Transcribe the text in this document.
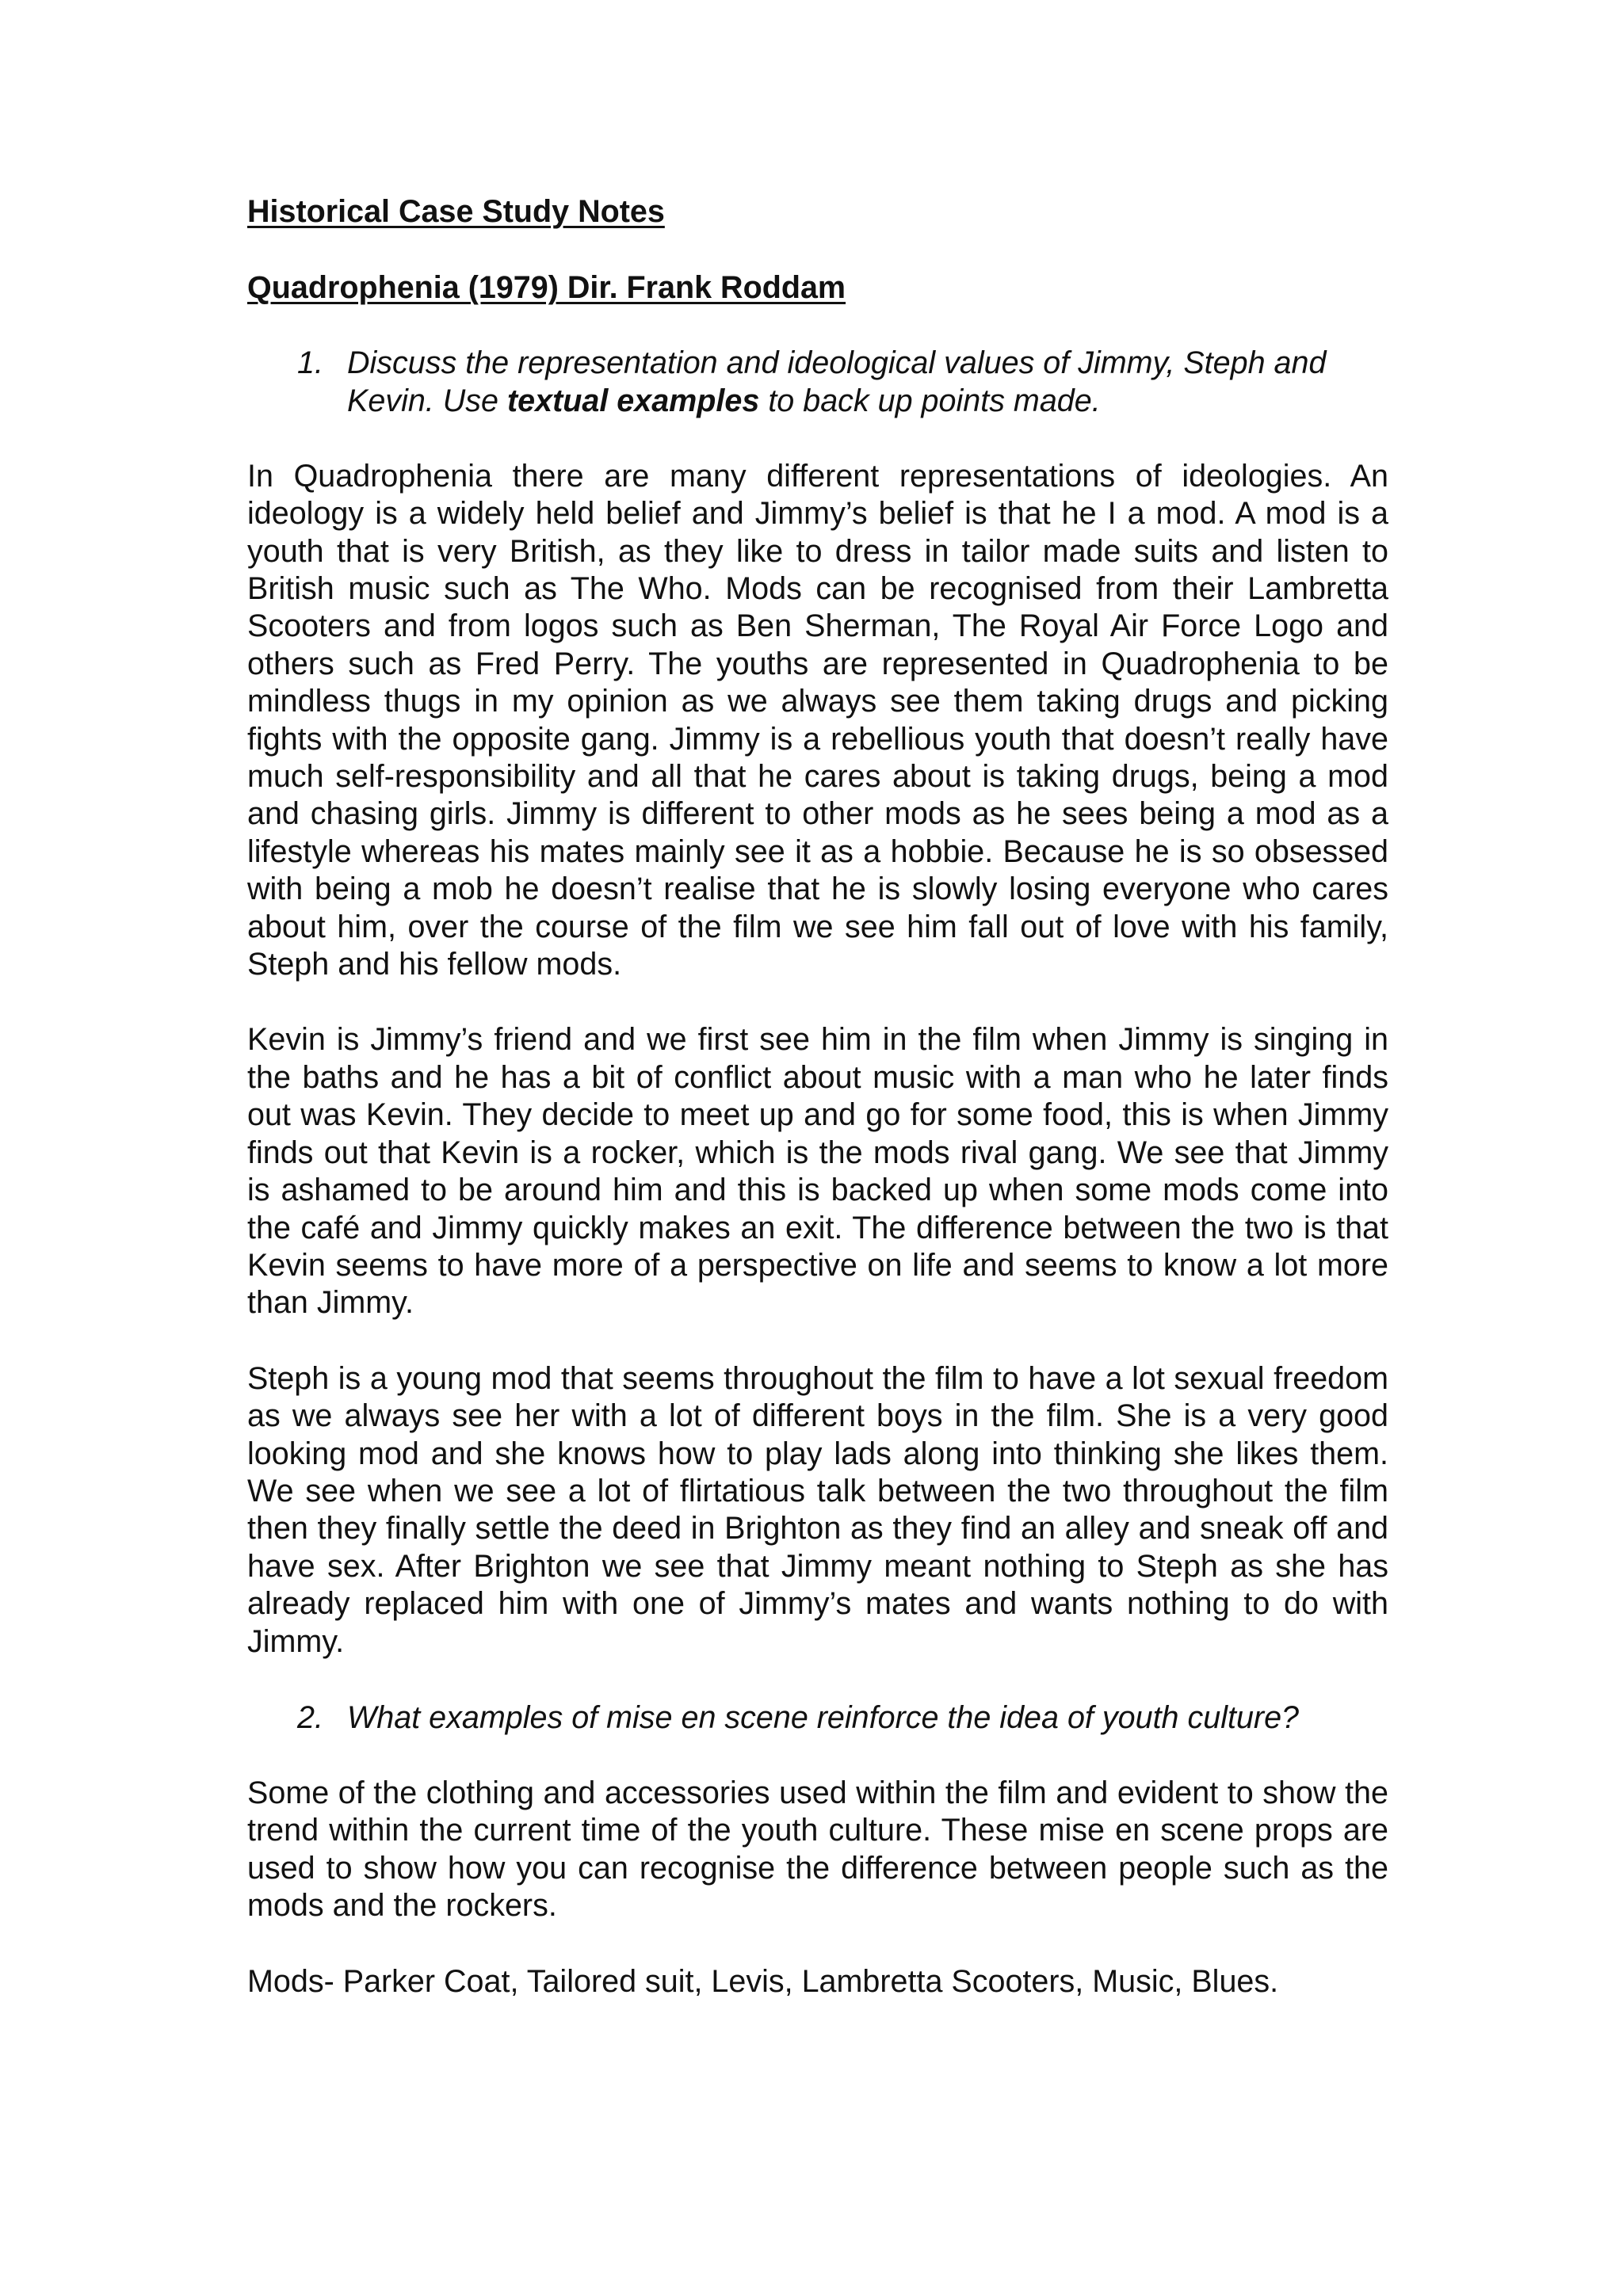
Historical Case Study Notes

Quadrophenia (1979) Dir. Frank Roddam

1. Discuss the representation and ideological values of Jimmy, Steph and Kevin. Use textual examples to back up points made.

In Quadrophenia there are many different representations of ideologies. An ideology is a widely held belief and Jimmy’s belief is that he I a mod. A mod is a youth that is very British, as they like to dress in tailor made suits and listen to British music such as The Who. Mods can be recognised from their Lambretta Scooters and from logos such as Ben Sherman, The Royal Air Force Logo and others such as Fred Perry. The youths are represented in Quadrophenia to be mindless thugs in my opinion as we always see them taking drugs and picking fights with the opposite gang. Jimmy is a rebellious youth that doesn’t really have much self-responsibility and all that he cares about is taking drugs, being a mod and chasing girls. Jimmy is different to other mods as he sees being a mod as a lifestyle whereas his mates mainly see it as a hobbie. Because he is so obsessed with being a mob he doesn’t realise that he is slowly losing everyone who cares about him, over the course of the film we see him fall out of love with his family, Steph and his fellow mods.

Kevin is Jimmy’s friend and we first see him in the film when Jimmy is singing in the baths and he has a bit of conflict about music with a man who he later finds out was Kevin. They decide to meet up and go for some food, this is when Jimmy finds out that Kevin is a rocker, which is the mods rival gang. We see that Jimmy is ashamed to be around him and this is backed up when some mods come into the café and Jimmy quickly makes an exit. The difference between the two is that Kevin seems to have more of a perspective on life and seems to know a lot more than Jimmy.

Steph is a young mod that seems throughout the film to have a lot sexual freedom as we always see her with a lot of different boys in the film. She is a very good looking mod and she knows how to play lads along into thinking she likes them. We see when we see a lot of flirtatious talk between the two throughout the film then they finally settle the deed in Brighton as they find an alley and sneak off and have sex. After Brighton we see that Jimmy meant nothing to Steph as she has already replaced him with one of Jimmy’s mates and wants nothing to do with Jimmy.

2. What examples of mise en scene reinforce the idea of youth culture?

Some of the clothing and accessories used within the film and evident to show the trend within the current time of the youth culture. These mise en scene props are used to show how you can recognise the difference between people such as the mods and the rockers.

Mods- Parker Coat, Tailored suit, Levis, Lambretta Scooters, Music, Blues.
